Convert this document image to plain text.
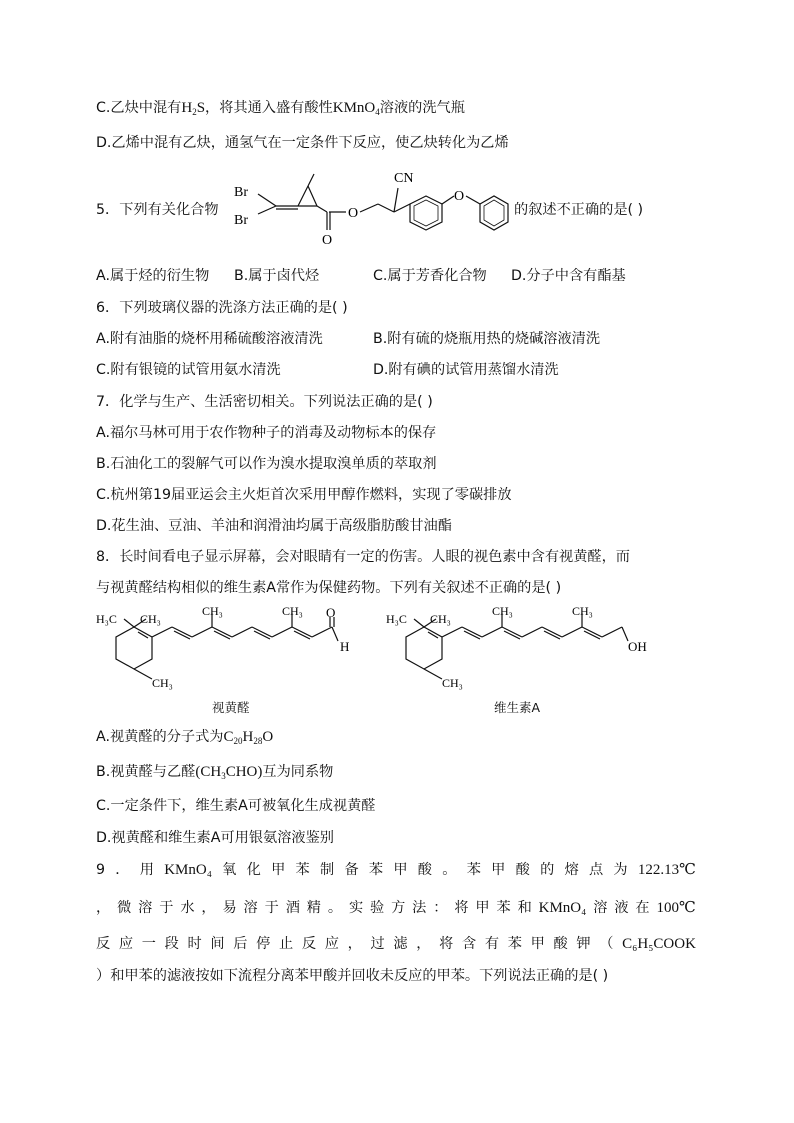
C.乙炔中混有$H_2S$，将其通入盛有酸性KMnO$_4$溶液的洗气瓶
D.乙烯中混有乙炔，通氢气在一定条件下反应，使乙炔转化为乙烯
5．下列有关化合物
Br
Br
CN
O
O
O
的叙述不正确的是( )
A.属于烃的衍生物 B.属于卤代烃	C.属于芳香化合物 D.分子中含有酯基
6．下列玻璃仪器的洗涤方法正确的是( )
A.附有油脂的烧杯用稀硫酸溶液清洗	B.附有硫的烧瓶用热的烧碱溶液清洗
C.附有银镜的试管用氨水清洗	D.附有碘的试管用蒸馏水清洗
7．化学与生产、生活密切相关。下列说法正确的是( )
A.福尔马林可用于农作物种子的消毒及动物标本的保存
B.石油化工的裂解气可以作为溴水提取溴单质的萃取剂
C.杭州第19届亚运会主火炬首次采用甲醇作燃料，实现了零碳排放
D.花生油、豆油、羊油和润滑油均属于高级脂肪酸甘油酯
8．长时间看电子显示屏幕，会对眼睛有一定的伤害。人眼的视色素中含有视黄醛，而
与视黄醛结构相似的维生素A常作为保健药物。下列有关叙述不正确的是( )
H₃C CH₃
CH₃
CH₃	CH₃ O
H
视黄醛
H₃C CH₃
CH₃
CH₃	CH₃
OH
维生素A
A.视黄醛的分子式为$C_{20}H_{28}O$
B.视黄醛与乙醛$(CH_3CHO)$互为同系物
C.一定条件下，维生素A可被氧化生成视黄醛
D.视黄醛和维生素A可用银氨溶液鉴别
9 ． 用 KMnO₄ 氧 化 甲 苯 制 备 苯 甲 酸 。 苯 甲 酸 的 熔 点 为 122.13℃
， 微 溶 于 水 ， 易 溶 于 酒 精 。 实 验 方 法 ： 将 甲 苯 和 KMnO₄ 溶 液 在 100℃
反 应 一 段 时 间 后 停 止 反 应 ， 过 滤 ， 将 含 有 苯 甲 酸 钾 （ C₆H₅COOK
）和甲苯的滤液按如下流程分离苯甲酸并回收未反应的甲苯。下列说法正确的是( )
